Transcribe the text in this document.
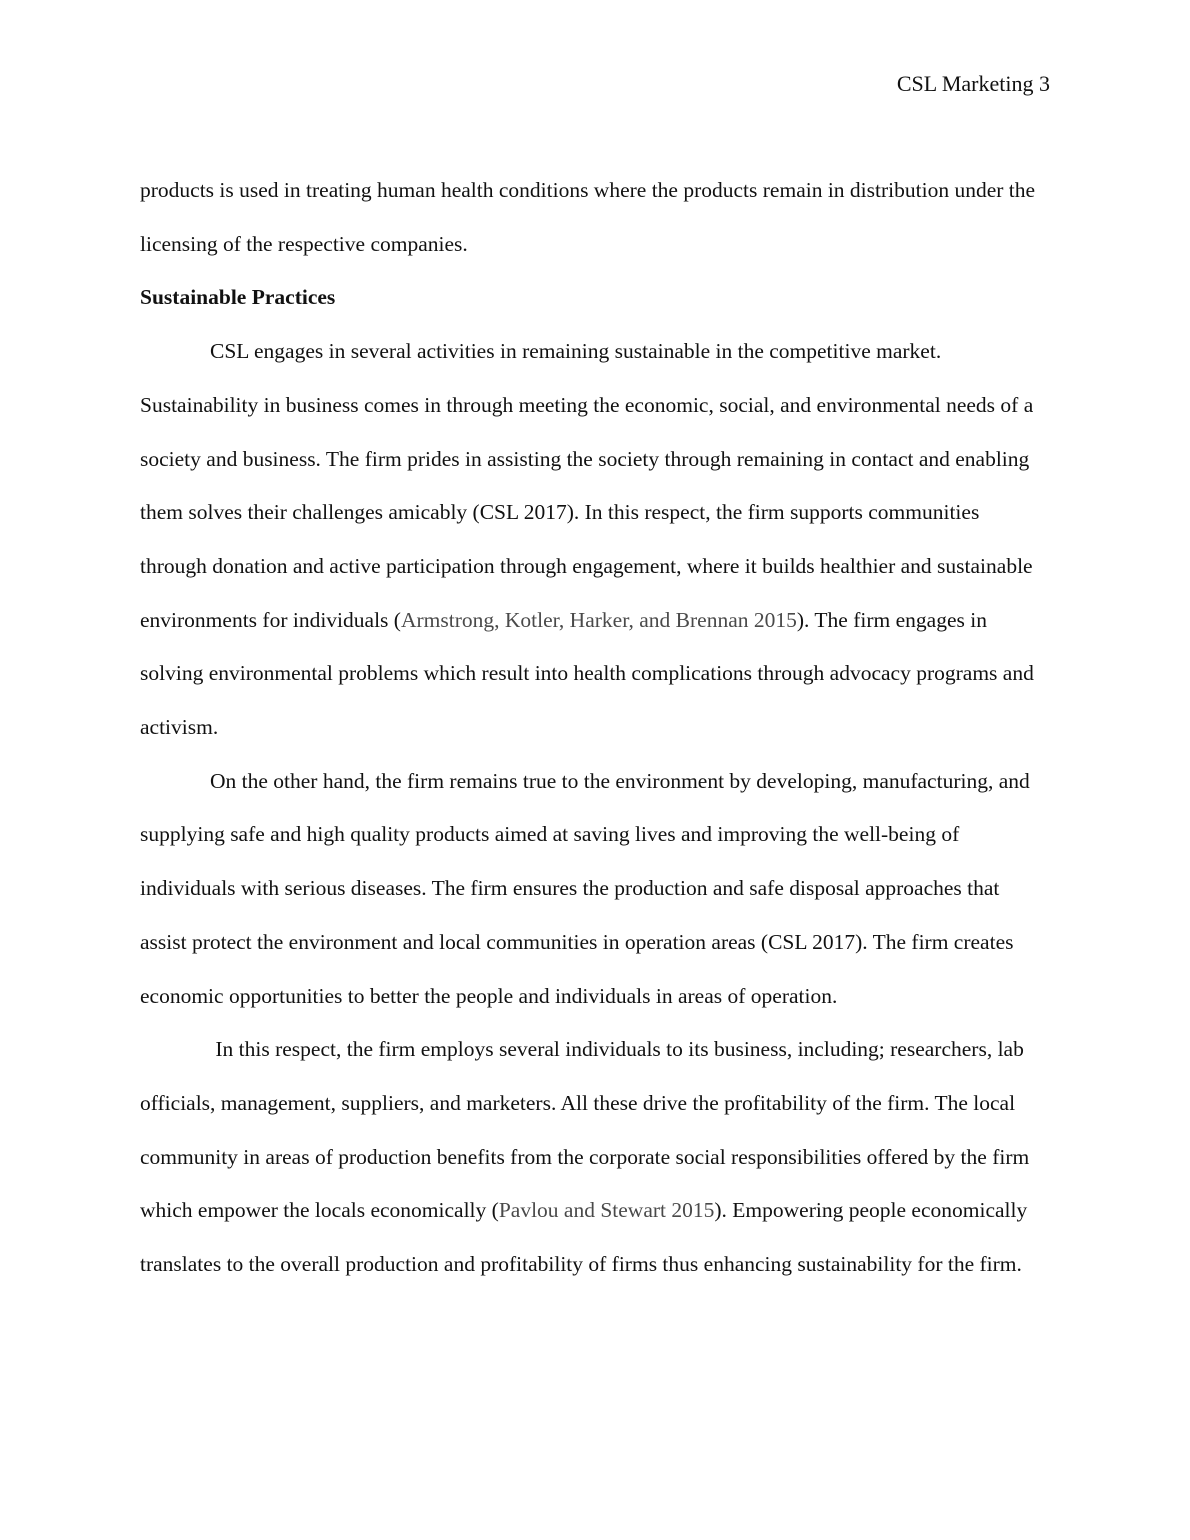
CSL Marketing 3

products is used in treating human health conditions where the products remain in distribution under the licensing of the respective companies.

Sustainable Practices

CSL engages in several activities in remaining sustainable in the competitive market. Sustainability in business comes in through meeting the economic, social, and environmental needs of a society and business. The firm prides in assisting the society through remaining in contact and enabling them solves their challenges amicably (CSL 2017). In this respect, the firm supports communities through donation and active participation through engagement, where it builds healthier and sustainable environments for individuals (Armstrong, Kotler, Harker, and Brennan 2015). The firm engages in solving environmental problems which result into health complications through advocacy programs and activism.

On the other hand, the firm remains true to the environment by developing, manufacturing, and supplying safe and high quality products aimed at saving lives and improving the well-being of individuals with serious diseases. The firm ensures the production and safe disposal approaches that assist protect the environment and local communities in operation areas (CSL 2017). The firm creates economic opportunities to better the people and individuals in areas of operation.

In this respect, the firm employs several individuals to its business, including; researchers, lab officials, management, suppliers, and marketers. All these drive the profitability of the firm. The local community in areas of production benefits from the corporate social responsibilities offered by the firm which empower the locals economically (Pavlou and Stewart 2015). Empowering people economically translates to the overall production and profitability of firms thus enhancing sustainability for the firm.
